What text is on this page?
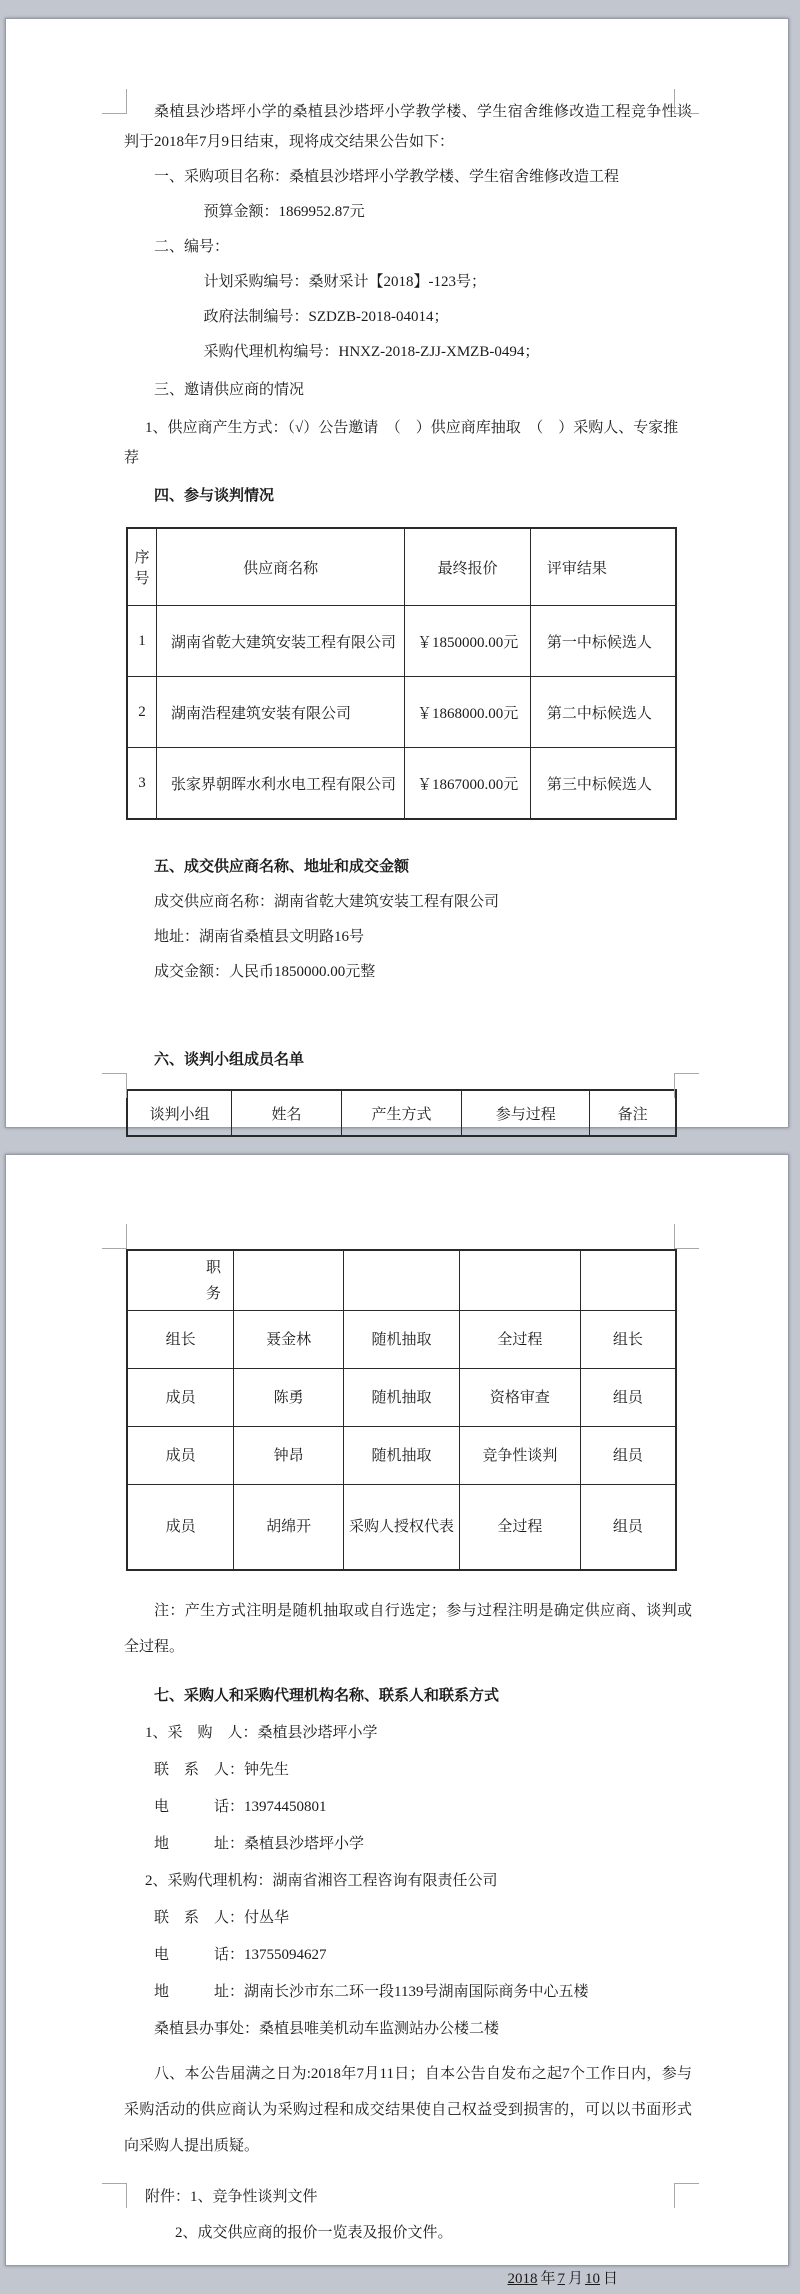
桑植县沙塔坪小学的桑植县沙塔坪小学教学楼、学生宿舍维修改造工程竞争性谈判于2018年7月9日结束，现将成交结果公告如下：

一、采购项目名称：桑植县沙塔坪小学教学楼、学生宿舍维修改造工程

预算金额：1869952.87元

二、编号：

计划采购编号：桑财采计【2018】-123号；

政府法制编号：SZDZB-2018-04014；

采购代理机构编号：HNXZ-2018-ZJJ-XMZB-0494；

三、邀请供应商的情况

1、供应商产生方式：（√）公告邀请　（　）供应商库抽取　（　）采购人、专家推荐

四、参与谈判情况

序号	供应商名称	最终报价	评审结果
1	湖南省乾大建筑安装工程有限公司	￥1850000.00元	第一中标候选人
2	湖南浩程建筑安装有限公司	￥1868000.00元	第二中标候选人
3	张家界朝晖水利水电工程有限公司	￥1867000.00元	第三中标候选人

五、成交供应商名称、地址和成交金额

成交供应商名称：湖南省乾大建筑安装工程有限公司

地址：湖南省桑植县文明路16号

成交金额：人民币1850000.00元整

六、谈判小组成员名单

谈判小组	姓名	产生方式	参与过程	备注
职务				
组长	聂金林	随机抽取	全过程	组长
成员	陈勇	随机抽取	资格审查	组员
成员	钟昂	随机抽取	竞争性谈判	组员
成员	胡绵开	采购人授权代表	全过程	组员

注：产生方式注明是随机抽取或自行选定；参与过程注明是确定供应商、谈判或全过程。

七、采购人和采购代理机构名称、联系人和联系方式

1、采　购　人：桑植县沙塔坪小学

联　系　人：钟先生

电　　　话：13974450801

地　　　址：桑植县沙塔坪小学

2、采购代理机构：湖南省湘咨工程咨询有限责任公司

联　系　人：付丛华

电　　　话：13755094627

地　　　址：湖南长沙市东二环一段1139号湖南国际商务中心五楼

桑植县办事处：桑植县唯美机动车监测站办公楼二楼

八、本公告届满之日为:2018年7月11日；自本公告自发布之起7个工作日内，参与采购活动的供应商认为采购过程和成交结果使自己权益受到损害的，可以以书面形式向采购人提出质疑。

附件：1、竞争性谈判文件

2、成交供应商的报价一览表及报价文件。

2018 年 7 月 10 日
